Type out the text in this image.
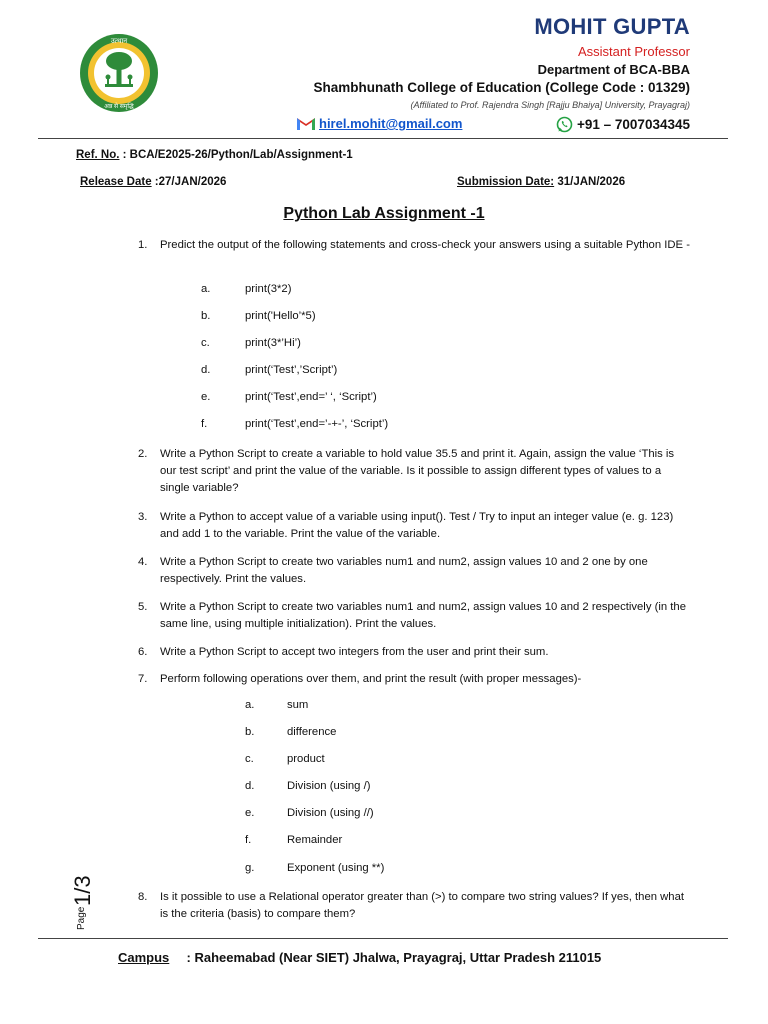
उत्थान
अन्न से समृद्धि
MOHIT GUPTA
Assistant Professor
Department of BCA-BBA
Shambhunath College of Education (College Code : 01329)
(Affiliated to Prof. Rajendra Singh [Rajju Bhaiya] University, Prayagraj)
hirel.mohit@gmail.com	+91 – 7007034345
Ref. No. : BCA/E2025-26/Python/Lab/Assignment-1
Release Date :27/JAN/2026	Submission Date: 31/JAN/2026
Python Lab Assignment -1
1. Predict the output of the following statements and cross-check your answers using a suitable Python IDE -
a.	print(3*2)
b.	print('Hello’*5)
c.	print(3*’Hi’)
d.	print(‘Test’,’Script’)
e.	print(‘Test’,end=’ ‘, ‘Script’)
f.	print(‘Test’,end=’-+-’, ‘Script’)
2. Write a Python Script to create a variable to hold value 35.5 and print it. Again, assign the value ‘This is our test script’ and print the value of the variable. Is it possible to assign different types of values to a single variable?
3. Write a Python to accept value of a variable using input(). Test / Try to input an integer value (e. g. 123) and add 1 to the variable. Print the value of the variable.
4. Write a Python Script to create two variables num1 and num2, assign values 10 and 2 one by one respectively. Print the values.
5. Write a Python Script to create two variables num1 and num2, assign values 10 and 2 respectively (in the same line, using multiple initialization). Print the values.
6. Write a Python Script to accept two integers from the user and print their sum.
7. Perform following operations over them, and print the result (with proper messages)-
a.	sum
b.	difference
c.	product
d.	Division (using /)
e.	Division (using //)
f.	Remainder
g.	Exponent (using **)
8. Is it possible to use a Relational operator greater than (>) to compare two string values? If yes, then what is the criteria (basis) to compare them?
Page
1/3
Campus : Raheemabad (Near SIET) Jhalwa, Prayagraj, Uttar Pradesh 211015
